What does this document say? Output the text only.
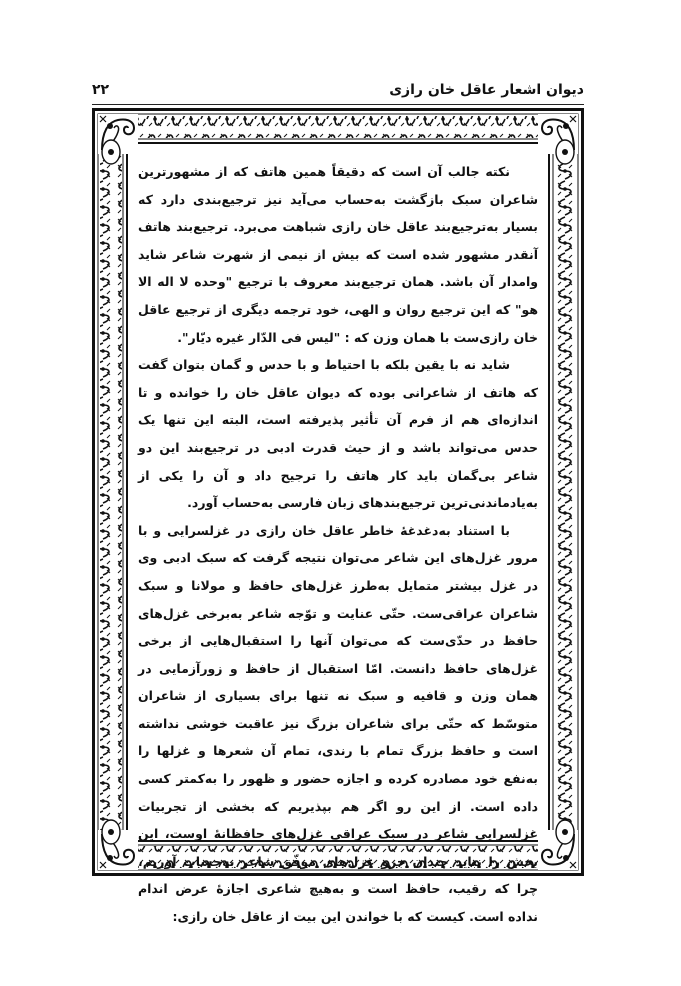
دیوان اشعار عاقل خان رازی
۲۲

نکته جالب آن است که دقیقاً همین هاتف که از مشهورترین شاعران سبک بازگشت به‌حساب می‌آید نیز ترجیع‌بندی دارد که بسیار به‌ترجیع‌بند عاقل خان رازی شباهت می‌برد. ترجیع‌بند هاتف آنقدر مشهور شده است که بیش از نیمی از شهرت شاعر شاید وامدار آن باشد. همان ترجیع‌بند معروف با ترجیع "وحده لا اله الا هو" که این ترجیع روان و الهی، خود ترجمه دیگری از ترجیع عاقل خان رازی‌ست با همان وزن که : "لیس فی الدّار غیره دیّار".

شاید نه با یقین بلکه با احتیاط و با حدس و گمان بتوان گفت که هاتف از شاعرانی بوده که دیوان عاقل خان را خوانده و تا اندازه‌ای هم از فرم آن تأثیر پذیرفته است، البته این تنها یک حدس می‌تواند باشد و از حیث قدرت ادبی در ترجیع‌بند این دو شاعر بی‌گمان باید کار هاتف را ترجیح داد و آن را یکی از به‌یادماندنی‌ترین ترجیع‌بندهای زبان فارسی به‌حساب آورد.

با استناد به‌دغدغهٔ خاطر عاقل خان رازی در غزلسرایی و با مرور غزل‌های این شاعر می‌توان نتیجه گرفت که سبک ادبی وی در غزل بیشتر متمایل به‌طرز غزل‌های حافظ و مولانا و سبک شاعران عراقی‌ست. حتّی عنایت و توّجه شاعر به‌برخی غزل‌های حافظ در حدّی‌ست که می‌توان آنها را استقبال‌هایی از برخی غزل‌های حافظ دانست. امّا استقبال از حافظ و زورآزمایی در همان وزن و قافیه و سبک نه تنها برای بسیاری از شاعران متوسّط که حتّی برای شاعران بزرگ نیز عاقبت خوشی نداشته است و حافظ بزرگ تمام با رندی، تمام آن شعرها و غزلها را به‌نفع خود مصادره کرده و اجازه حضور و ظهور را به‌کمتر کسی داده است. از این رو اگر هم بپذیریم که بخشی از تجربیات غزلسرایی شاعر در سبک عراقی غزل‌های حافظانهٔ اوست، این بخش را نباید چندان جزو غزل‌های موفّق شاعر به‌حساب آوریم، چرا که رقیب، حافظ است و به‌هیچ شاعری اجازهٔ عرض اندام نداده است. کیست که با خواندن این بیت از عاقل خان رازی:
